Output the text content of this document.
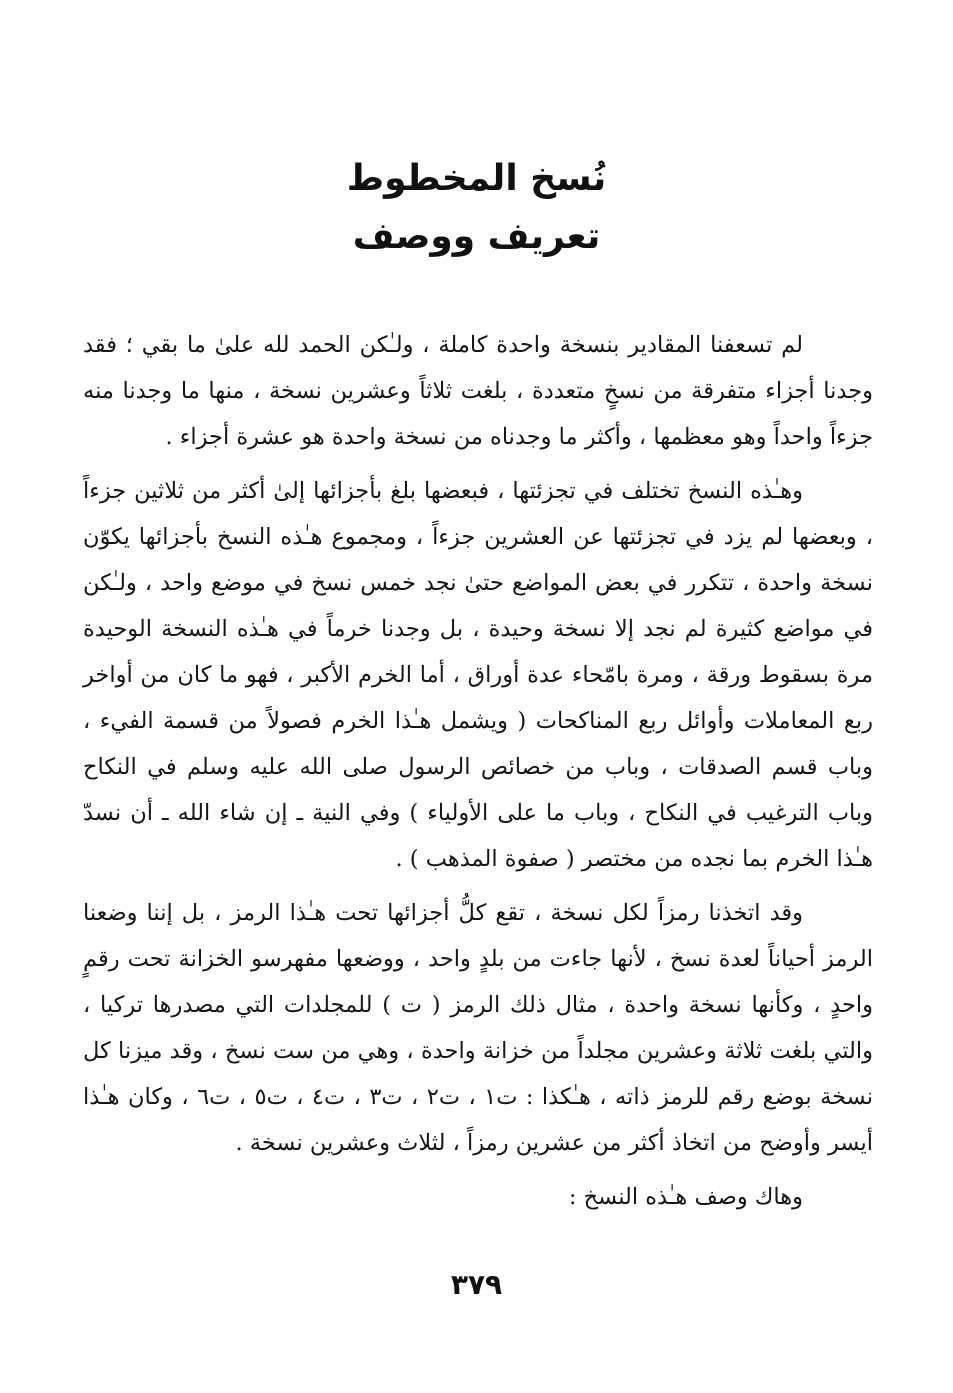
نُسخ المخطوط

تعريف ووصف

لم تسعفنا المقادير بنسخة واحدة كاملة ، ولـٰكن الحمد لله علىٰ ما بقي ؛ فقد وجدنا أجزاء متفرقة من نسخٍ متعددة ، بلغت ثلاثاً وعشرين نسخة ، منها ما وجدنا منه جزءاً واحداً وهو معظمها ، وأكثر ما وجدناه من نسخة واحدة هو عشرة أجزاء .

وهـٰذه النسخ تختلف في تجزئتها ، فبعضها بلغ بأجزائها إلىٰ أكثر من ثلاثين جزءاً ، وبعضها لم يزد في تجزئتها عن العشرين جزءاً ، ومجموع هـٰذه النسخ بأجزائها يكوّن نسخة واحدة ، تتكرر في بعض المواضع حتىٰ نجد خمس نسخ في موضع واحد ، ولـٰكن في مواضع كثيرة لم نجد إلا نسخة وحيدة ، بل وجدنا خرماً في هـٰذه النسخة الوحيدة مرة بسقوط ورقة ، ومرة بامّحاء عدة أوراق ، أما الخرم الأكبر ، فهو ما كان من أواخر ربع المعاملات وأوائل ربع المناكحات ( ويشمل هـٰذا الخرم فصولاً من قسمة الفيء ، وباب قسم الصدقات ، وباب من خصائص الرسول صلى الله عليه وسلم في النكاح وباب الترغيب في النكاح ، وباب ما على الأولياء ) وفي النية ـ إن شاء الله ـ أن نسدّ هـٰذا الخرم بما نجده من مختصر ( صفوة المذهب ) .

وقد اتخذنا رمزاً لكل نسخة ، تقع كلُّ أجزائها تحت هـٰذا الرمز ، بل إننا وضعنا الرمز أحياناً لعدة نسخ ، لأنها جاءت من بلدٍ واحد ، ووضعها مفهرسو الخزانة تحت رقمٍ واحدٍ ، وكأنها نسخة واحدة ، مثال ذلك الرمز ( ت ) للمجلدات التي مصدرها تركيا ، والتي بلغت ثلاثة وعشرين مجلداً من خزانة واحدة ، وهي من ست نسخ ، وقد ميزنا كل نسخة بوضع رقم للرمز ذاته ، هـٰكذا : ت١ ، ت٢ ، ت٣ ، ت٤ ، ت٥ ، ت٦ ، وكان هـٰذا أيسر وأوضح من اتخاذ أكثر من عشرين رمزاً ، لثلاث وعشرين نسخة .

وهاك وصف هـٰذه النسخ :

٣٧٩
